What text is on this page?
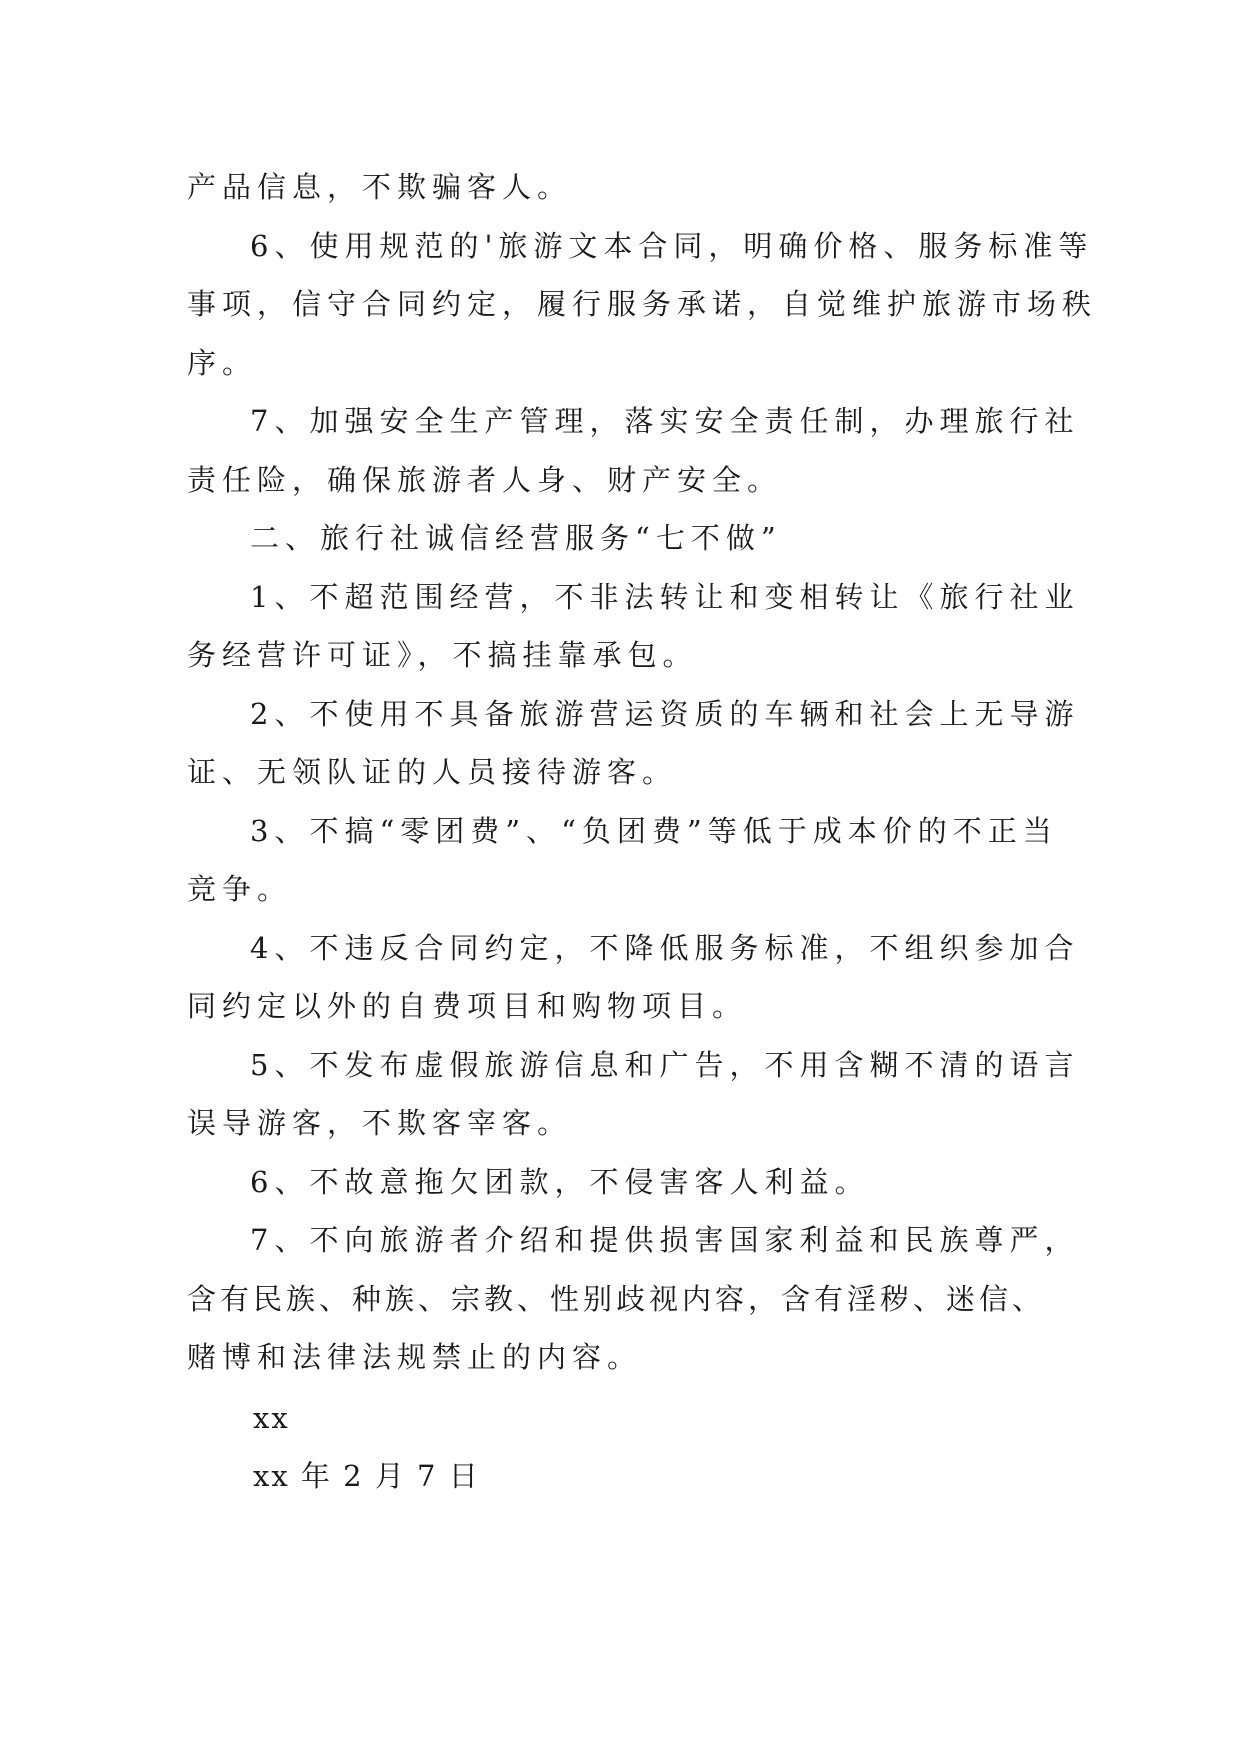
产品信息，不欺骗客人。
6、使用规范的'旅游文本合同，明确价格、服务标准等
事项，信守合同约定，履行服务承诺，自觉维护旅游市场秩
序。
7、加强安全生产管理，落实安全责任制，办理旅行社
责任险，确保旅游者人身、财产安全。
二、旅行社诚信经营服务“七不做”
1、不超范围经营，不非法转让和变相转让《旅行社业
务经营许可证》，不搞挂靠承包。
2、不使用不具备旅游营运资质的车辆和社会上无导游
证、无领队证的人员接待游客。
3、不搞“零团费”、“负团费”等低于成本价的不正当
竞争。
4、不违反合同约定，不降低服务标准，不组织参加合
同约定以外的自费项目和购物项目。
5、不发布虚假旅游信息和广告，不用含糊不清的语言
误导游客，不欺客宰客。
6、不故意拖欠团款，不侵害客人利益。
7、不向旅游者介绍和提供损害国家利益和民族尊严，
含有民族、种族、宗教、性别歧视内容，含有淫秽、迷信、
赌博和法律法规禁止的内容。
xx
xx 年 2 月 7 日
